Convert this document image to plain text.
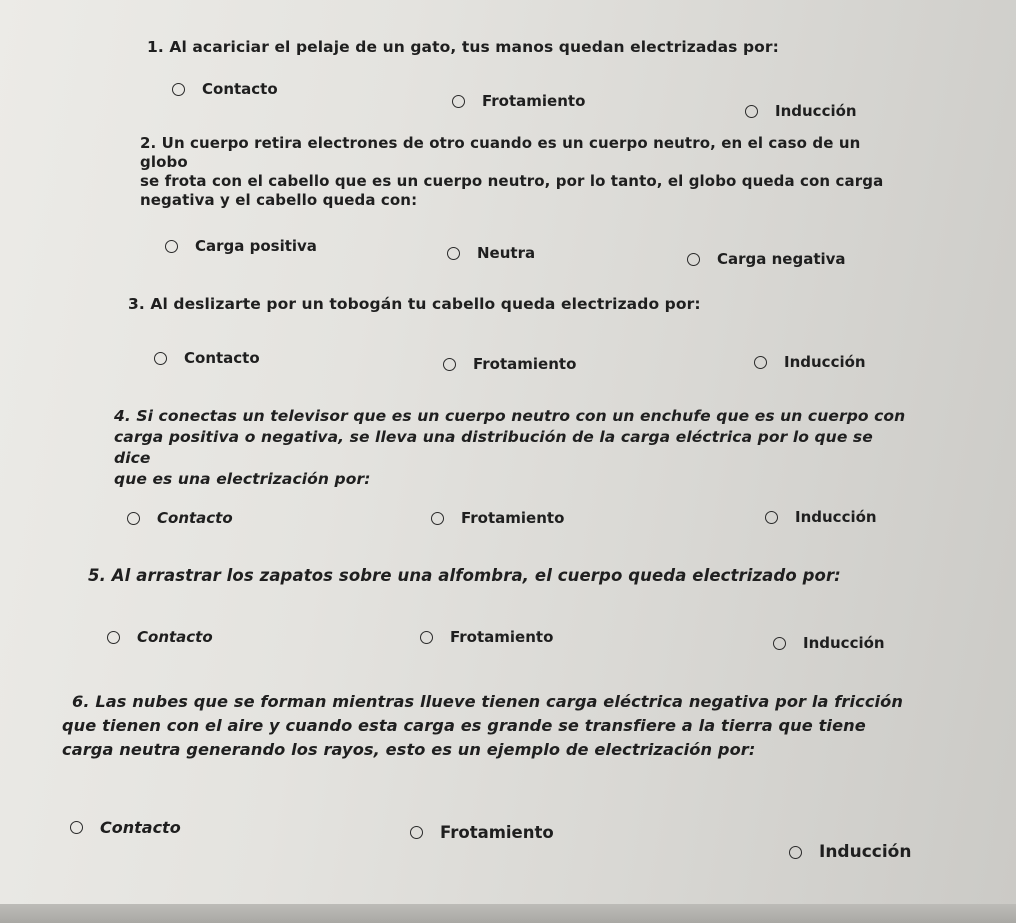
1. Al acariciar el pelaje de un gato, tus manos quedan electrizadas por:
Contacto
Frotamiento
Inducción
2. Un cuerpo retira electrones de otro cuando es un cuerpo neutro, en el caso de un globo
se frota con el cabello que es un cuerpo neutro, por lo tanto, el globo queda con carga
negativa y el cabello queda con:
Carga positiva	Neutra	Carga negativa
3. Al deslizarte por un tobogán tu cabello queda electrizado por:
Contacto	Frotamiento	Inducción
4. Si conectas un televisor que es un cuerpo neutro con un enchufe que es un cuerpo con
carga positiva o negativa, se lleva una distribución de la carga eléctrica por lo que se dice
que es una electrización por:
Contacto	Frotamiento	Inducción
5. Al arrastrar los zapatos sobre una alfombra, el cuerpo queda electrizado por:
Contacto	Frotamiento	Inducción
6. Las nubes que se forman mientras llueve tienen carga eléctrica negativa por la fricción
que tienen con el aire y cuando esta carga es grande se transfiere a la tierra que tiene
carga neutra generando los rayos, esto es un ejemplo de electrización por:
Contacto	Frotamiento
Inducción
